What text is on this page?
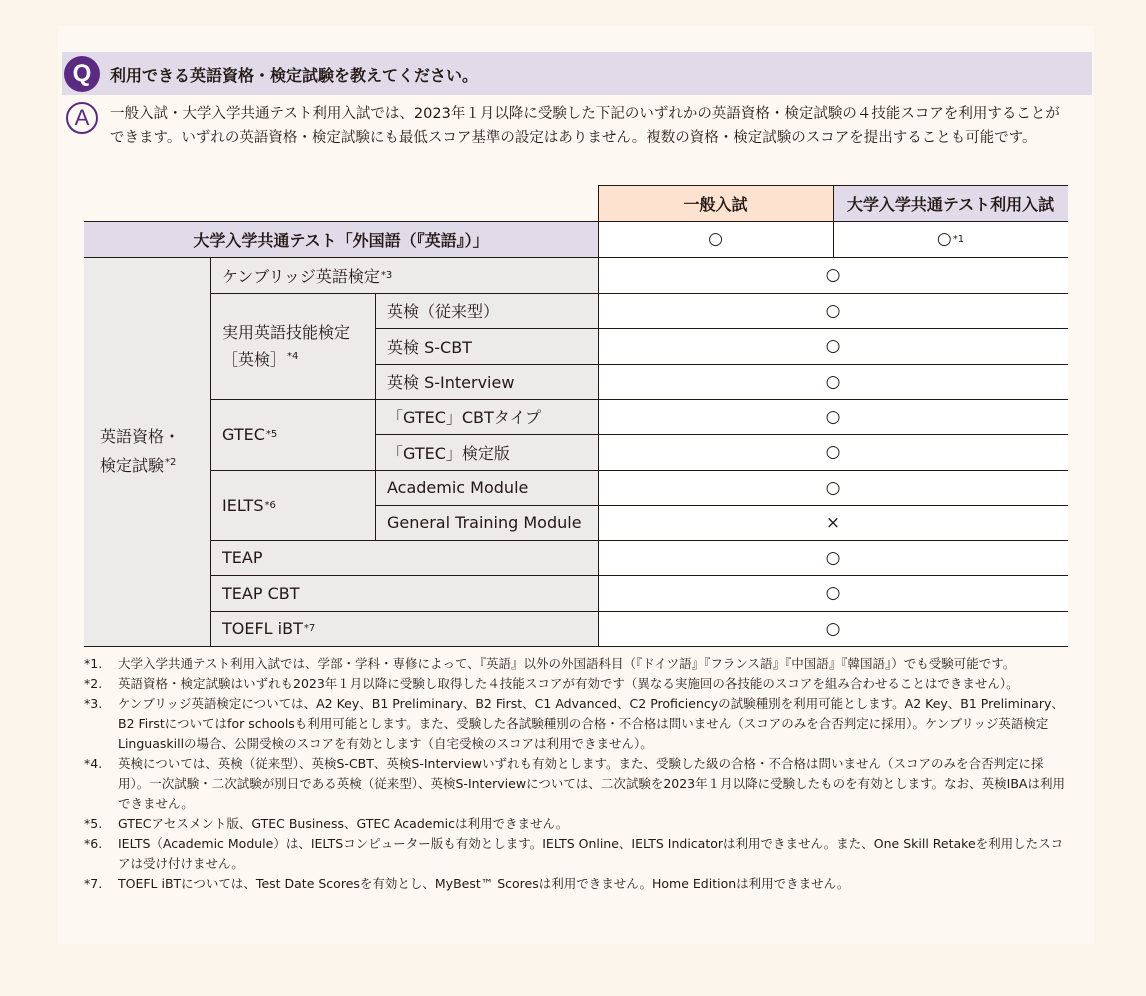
Q	利用できる英語資格・検定試験を教えてください。
A	一般入試・大学入学共通テスト利用入試では、2023年１月以降に受験した下記のいずれかの英語資格・検定試験の４技能スコアを利用することができます。いずれの英語資格・検定試験にも最低スコア基準の設定はありません。複数の資格・検定試験のスコアを提出することも可能です。
一般入試	大学入学共通テスト利用入試
大学入学共通テスト「外国語（『英語』）」	○	○ *1
英語資格・
検定試験$^{*2}$
ケンブリッジ英語検定 *3	○
実用英語技能検定
［英検］$^{*4}$
英検（従来型）	○
英検 S-CBT	○
英検 S-Interview	○
GTEC *5
「GTEC」CBTタイプ	○
「GTEC」検定版	○
IELTS *6
Academic Module	○
General Training Module	×
TEAP	○
TEAP CBT	○
TOEFL iBT *7	○
*1.	大学入学共通テスト利用入試では、学部・学科・専修によって、『英語』以外の外国語科目（『ドイツ語』『フランス語』『中国語』『韓国語』）でも受験可能です。
*2.	英語資格・検定試験はいずれも2023年１月以降に受験し取得した４技能スコアが有効です（異なる実施回の各技能のスコアを組み合わせることはできません）。
*3.	ケンブリッジ英語検定については、A2 Key、B1 Preliminary、B2 First、C1 Advanced、C2 Proficiencyの試験種別を利用可能とします。A2 Key、B1 Preliminary、B2 Firstについてはfor schoolsも利用可能とします。また、受験した各試験種別の合格・不合格は問いません（スコアのみを合否判定に採用）。ケンブリッジ英語検定Linguaskillの場合、公開受検のスコアを有効とします（自宅受検のスコアは利用できません）。
*4.	英検については、英検（従来型）、英検S-CBT、英検S-Interviewいずれも有効とします。また、受験した級の合格・不合格は問いません（スコアのみを合否判定に採用）。一次試験・二次試験が別日である英検（従来型）、英検S-Interviewについては、二次試験を2023年１月以降に受験したものを有効とします。なお、英検IBAは利用できません。
*5.	GTECアセスメント版、GTEC Business、GTEC Academicは利用できません。
*6.	IELTS（Academic Module）は、IELTSコンピューター版も有効とします。IELTS Online、IELTS Indicatorは利用できません。また、One Skill Retakeを利用したスコアは受け付けません。
*7.	TOEFL iBTについては、Test Date Scoresを有効とし、MyBest™ Scoresは利用できません。Home Editionは利用できません。
